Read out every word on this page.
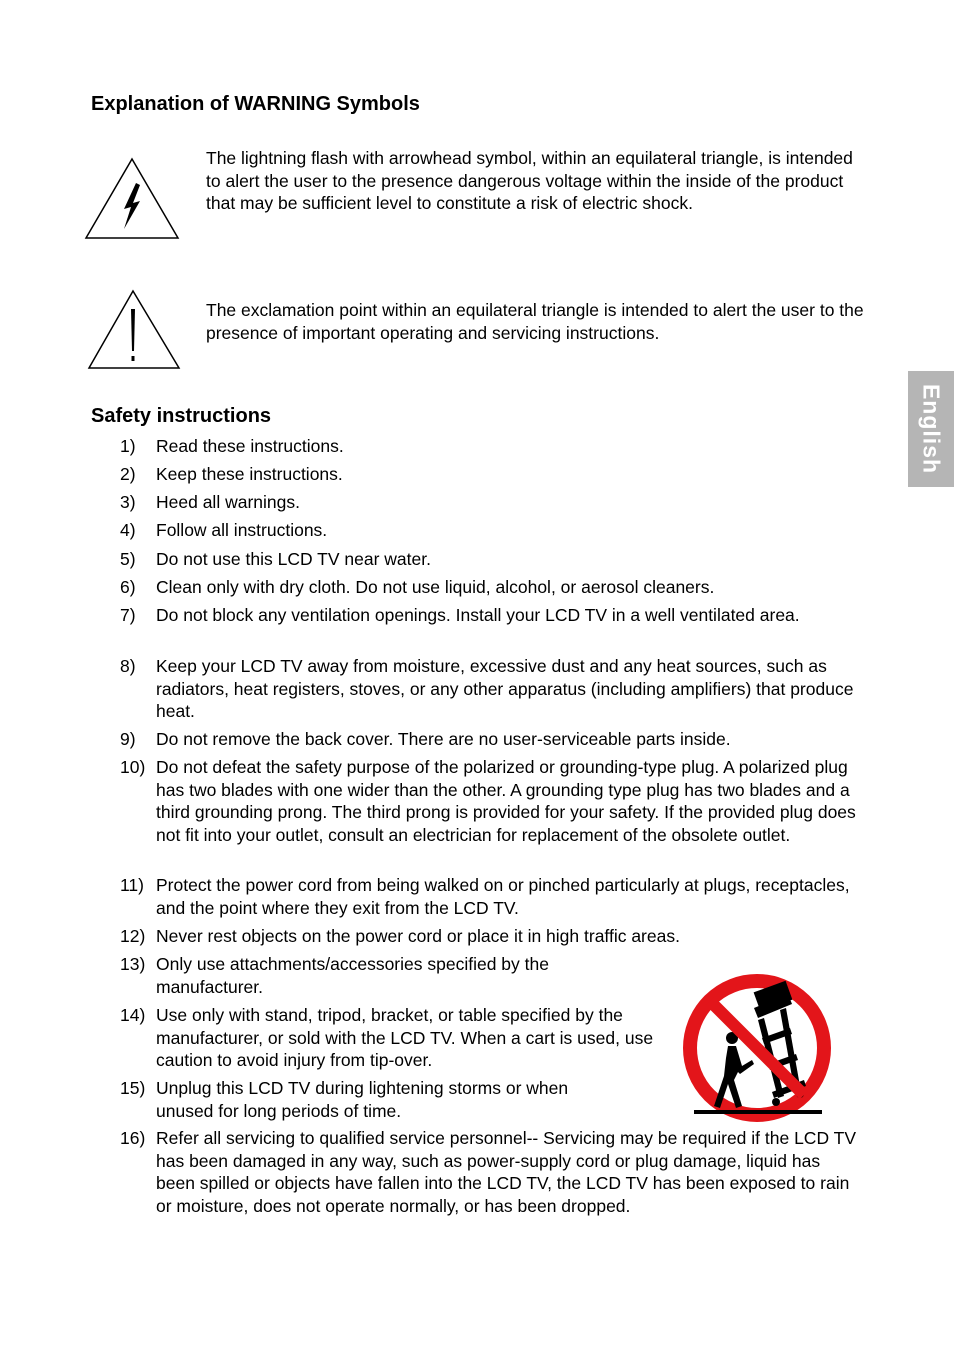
Explanation of WARNING Symbols

The lightning flash with arrowhead symbol, within an equilateral triangle, is intended to alert the user to the presence dangerous voltage within the inside of the product that may be sufficient level to constitute a risk of electric shock.

The exclamation point within an equilateral triangle is intended to alert the user to the presence of important operating and servicing instructions.

English
Safety instructions
1) Read these instructions.
2) Keep these instructions.
3) Heed all warnings.
4) Follow all instructions.
5) Do not use this LCD TV near water.
6) Clean only with dry cloth. Do not use liquid, alcohol, or aerosol cleaners.
7) Do not block any ventilation openings. Install your LCD TV in a well ventilated area.
8) Keep your LCD TV away from moisture, excessive dust and any heat sources, such as radiators, heat registers, stoves, or any other apparatus (including amplifiers) that produce heat.
9) Do not remove the back cover. There are no user-serviceable parts inside.
10) Do not defeat the safety purpose of the polarized or grounding-type plug. A polarized plug has two blades with one wider than the other. A grounding type plug has two blades and a third grounding prong. The third prong is provided for your safety. If the provided plug does not fit into your outlet, consult an electrician for replacement of the obsolete outlet.
11) Protect the power cord from being walked on or pinched particularly at plugs, receptacles, and the point where they exit from the LCD TV.
12) Never rest objects on the power cord or place it in high traffic areas.
13) Only use attachments/accessories specified by the manufacturer.
14) Use only with stand, tripod, bracket, or table specified by the manufacturer, or sold with the LCD TV. When a cart is used, use caution to avoid injury from tip-over.
15) Unplug this LCD TV during lightening storms or when unused for long periods of time.
16) Refer all servicing to qualified service personnel-- Servicing may be required if the LCD TV has been damaged in any way, such as power-supply cord or plug damage, liquid has been spilled or objects have fallen into the LCD TV, the LCD TV has been exposed to rain or moisture, does not operate normally, or has been dropped.
